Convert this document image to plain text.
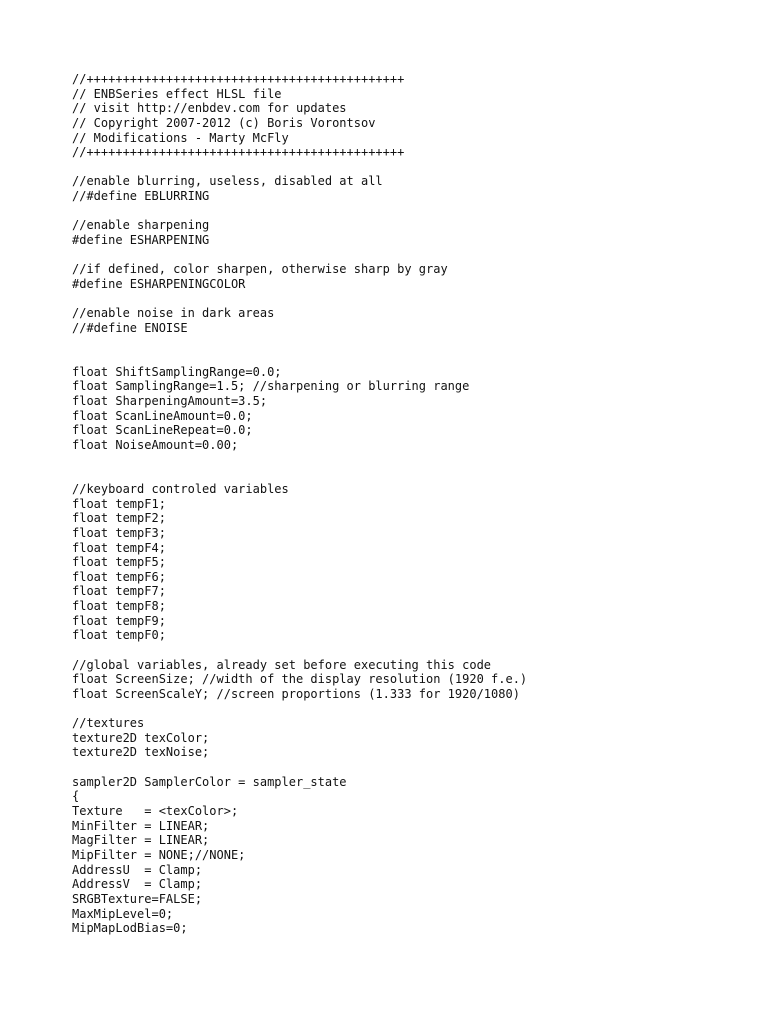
//++++++++++++++++++++++++++++++++++++++++++++
// ENBSeries effect HLSL file
// visit http://enbdev.com for updates
// Copyright 2007-2012 (c) Boris Vorontsov
// Modifications - Marty McFly
//++++++++++++++++++++++++++++++++++++++++++++
//enable blurring, useless, disabled at all
//#define EBLURRING
//enable sharpening
#define ESHARPENING
//if defined, color sharpen, otherwise sharp by gray
#define ESHARPENINGCOLOR
//enable noise in dark areas
//#define ENOISE
float ShiftSamplingRange=0.0;
float SamplingRange=1.5; //sharpening or blurring range
float SharpeningAmount=3.5;
float ScanLineAmount=0.0;
float ScanLineRepeat=0.0;
float NoiseAmount=0.00;
//keyboard controled variables
float tempF1;
float tempF2;
float tempF3;
float tempF4;
float tempF5;
float tempF6;
float tempF7;
float tempF8;
float tempF9;
float tempF0;
//global variables, already set before executing this code
float ScreenSize; //width of the display resolution (1920 f.e.)
float ScreenScaleY; //screen proportions (1.333 for 1920/1080)
//textures
texture2D texColor;
texture2D texNoise;
sampler2D SamplerColor = sampler_state
{
Texture   = <texColor>;
MinFilter = LINEAR;
MagFilter = LINEAR;
MipFilter = NONE;//NONE;
AddressU  = Clamp;
AddressV  = Clamp;
SRGBTexture=FALSE;
MaxMipLevel=0;
MipMapLodBias=0;
